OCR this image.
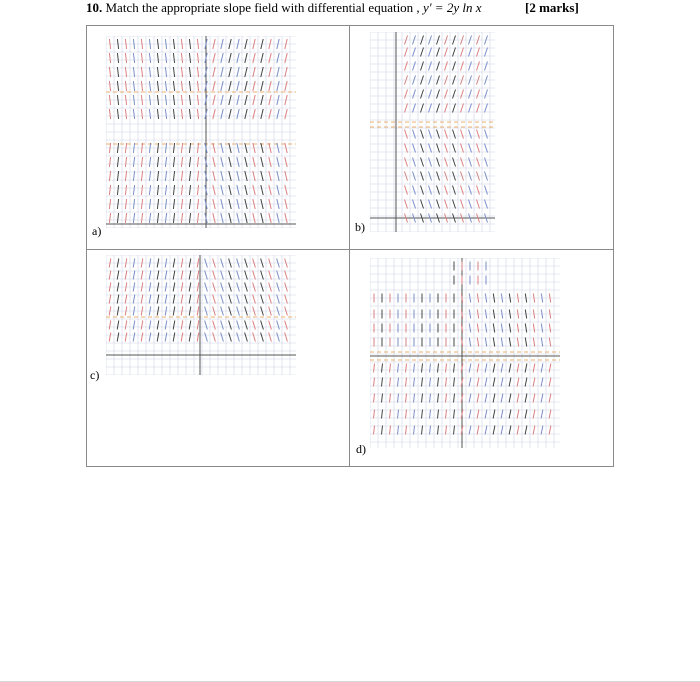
10. Match the appropriate slope field with differential equation , y′ = 2y ln x	[2 marks]
a)	b)
c)
d)
